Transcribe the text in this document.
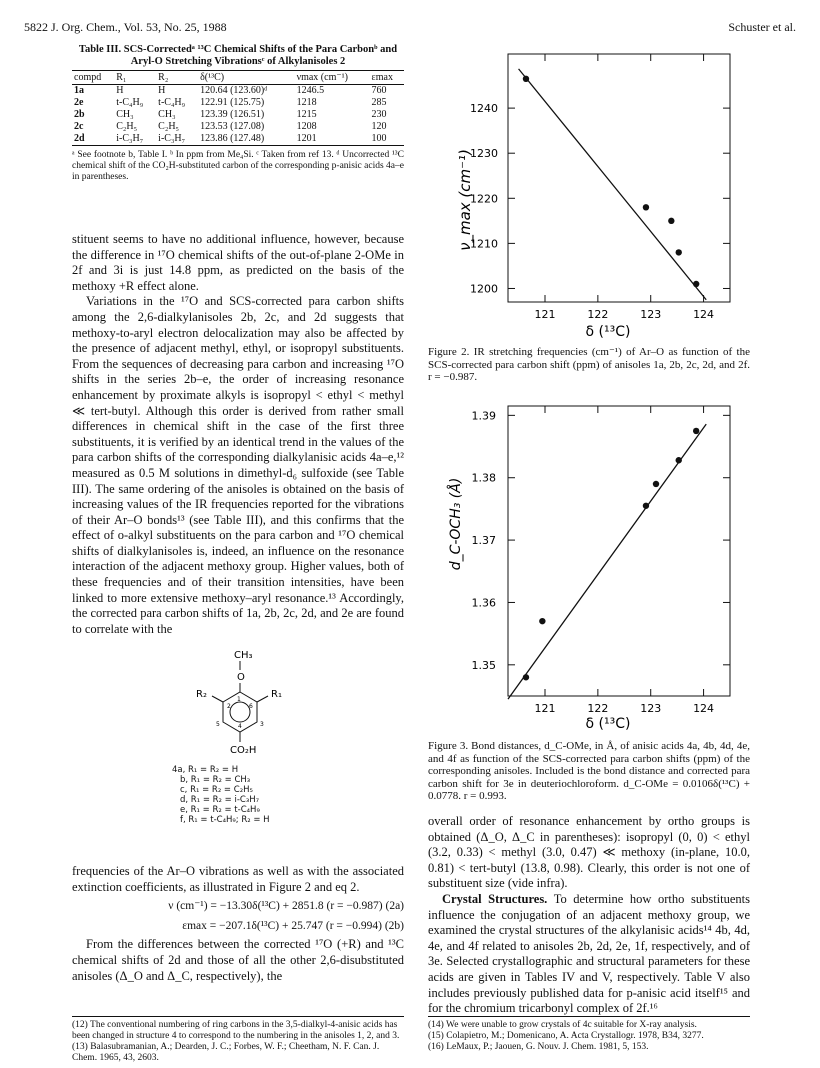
5822 J. Org. Chem., Vol. 53, No. 25, 1988	Schuster et al.
Table III. SCS-Correctedᵃ ¹³C Chemical Shifts of the Para Carbonᵇ and Aryl-O Stretching Vibrationsᶜ of Alkylanisoles 2
compd	R₁	R₂	δ(¹³C)	νmax (cm⁻¹)	εmax
1a	H	H	120.64 (123.60)ᵈ	1246.5	760
2e	t-C₄H₉	t-C₄H₉	122.91 (125.75)	1218	285
2b	CH₃	CH₃	123.39 (126.51)	1215	230
2c	C₂H₅	C₂H₅	123.53 (127.08)	1208	120
2d	i-C₃H₇	i-C₃H₇	123.86 (127.48)	1201	100
ᵃ See footnote b, Table I. ᵇ In ppm from Me₄Si. ᶜ Taken from ref 13. ᵈ Uncorrected ¹³C chemical shift of the CO₂H-substituted carbon of the corresponding p-anisic acids 4a–e in parentheses.

stituent seems to have no additional influence, however, because the difference in ¹⁷O chemical shifts of the out-of-plane 2-OMe in 2f and 3i is just 14.8 ppm, as predicted on the basis of the methoxy +R effect alone.

Variations in the ¹⁷O and SCS-corrected para carbon shifts among the 2,6-dialkylanisoles 2b, 2c, and 2d suggests that methoxy-to-aryl electron delocalization may also be affected by the presence of adjacent methyl, ethyl, or isopropyl substituents. From the sequences of decreasing para carbon and increasing ¹⁷O shifts in the series 2b–e, the order of increasing resonance enhancement by proximate alkyls is isopropyl < ethyl < methyl ≪ tert-butyl. Although this order is derived from rather small differences in chemical shift in the case of the first three substituents, it is verified by an identical trend in the values of the para carbon shifts of the corresponding dialkylanisic acids 4a–e,¹² measured as 0.5 M solutions in dimethyl-d₆ sulfoxide (see Table III). The same ordering of the anisoles is obtained on the basis of increasing values of the IR frequencies reported for the vibrations of their Ar–O bonds¹³ (see Table III), and this confirms that the effect of o-alkyl substituents on the para carbon and ¹⁷O chemical shifts of dialkylanisoles is, indeed, an influence on the resonance interaction of the adjacent methoxy group. Higher values, both of these frequencies and of their transition intensities, have been linked to more extensive methoxy–aryl resonance.¹³ Accordingly, the corrected para carbon shifts of 1a, 2b, 2c, 2d, and 2e are found to correlate with the

CH₃
O
R₂	R₁
1
2	6
3
4
5
CO₂H
4a, R₁ = R₂ = H
b, R₁ = R₂ = CH₃
c, R₁ = R₂ = C₂H₅
d, R₁ = R₂ = i-C₃H₇
e, R₁ = R₂ = t-C₄H₉
f, R₁ = t-C₄H₉; R₂ = H

frequencies of the Ar–O vibrations as well as with the associated extinction coefficients, as illustrated in Figure 2 and eq 2.

ν (cm⁻¹) = −13.30δ(¹³C) + 2851.8 (r = −0.987) (2a)
εmax = −207.1δ(¹³C) + 25.747 (r = −0.994) (2b)

From the differences between the corrected ¹⁷O (+R) and ¹³C chemical shifts of 2d and those of all the other 2,6-disubstituted anisoles (Δ_O and Δ_C, respectively), the

(12) The conventional numbering of ring carbons in the 3,5-dialkyl-4-anisic acids has been changed in structure 4 to correspond to the numbering in the anisoles 1, 2, and 3.
(13) Balasubramanian, A.; Dearden, J. C.; Forbes, W. F.; Cheetham, N. F. Can. J. Chem. 1965, 43, 2603.
1200
1210
1220
1230
1240
121	122	123	124
ν_max (cm⁻¹)
δ (¹³C)
Figure 2. IR stretching frequencies (cm⁻¹) of Ar–O as function of the SCS-corrected para carbon shift (ppm) of anisoles 1a, 2b, 2c, 2d, and 2f. r = −0.987.
1.35
1.36
1.37
1.38
1.39
121	122	123	124
d_C-OCH₃ (Å)
δ (¹³C)
Figure 3. Bond distances, d_C-OMe, in Å, of anisic acids 4a, 4b, 4d, 4e, and 4f as function of the SCS-corrected para carbon shifts (ppm) of the corresponding anisoles. Included is the bond distance and corrected para carbon shift for 3e in deuteriochloroform. d_C-OMe = 0.0106δ(¹³C) + 0.0778. r = 0.993.

overall order of resonance enhancement by ortho groups is obtained (Δ_O, Δ_C in parentheses): isopropyl (0, 0) < ethyl (3.2, 0.33) < methyl (3.0, 0.47) ≪ methoxy (in-plane, 10.0, 0.81) < tert-butyl (13.8, 0.98). Clearly, this order is not one of substituent size (vide infra).

Crystal Structures. To determine how ortho substituents influence the conjugation of an adjacent methoxy group, we examined the crystal structures of the alkylanisic acids¹⁴ 4b, 4d, 4e, and 4f related to anisoles 2b, 2d, 2e, 1f, respectively, and of 3e. Selected crystallographic and structural parameters for these acids are given in Tables IV and V, respectively. Table V also includes previously published data for p-anisic acid itself¹⁵ and for the chromium tricarbonyl complex of 2f.¹⁶

(14) We were unable to grow crystals of 4c suitable for X-ray analysis.
(15) Colapietro, M.; Domenicano, A. Acta Crystallogr. 1978, B34, 3277.
(16) LeMaux, P.; Jaouen, G. Nouv. J. Chem. 1981, 5, 153.
